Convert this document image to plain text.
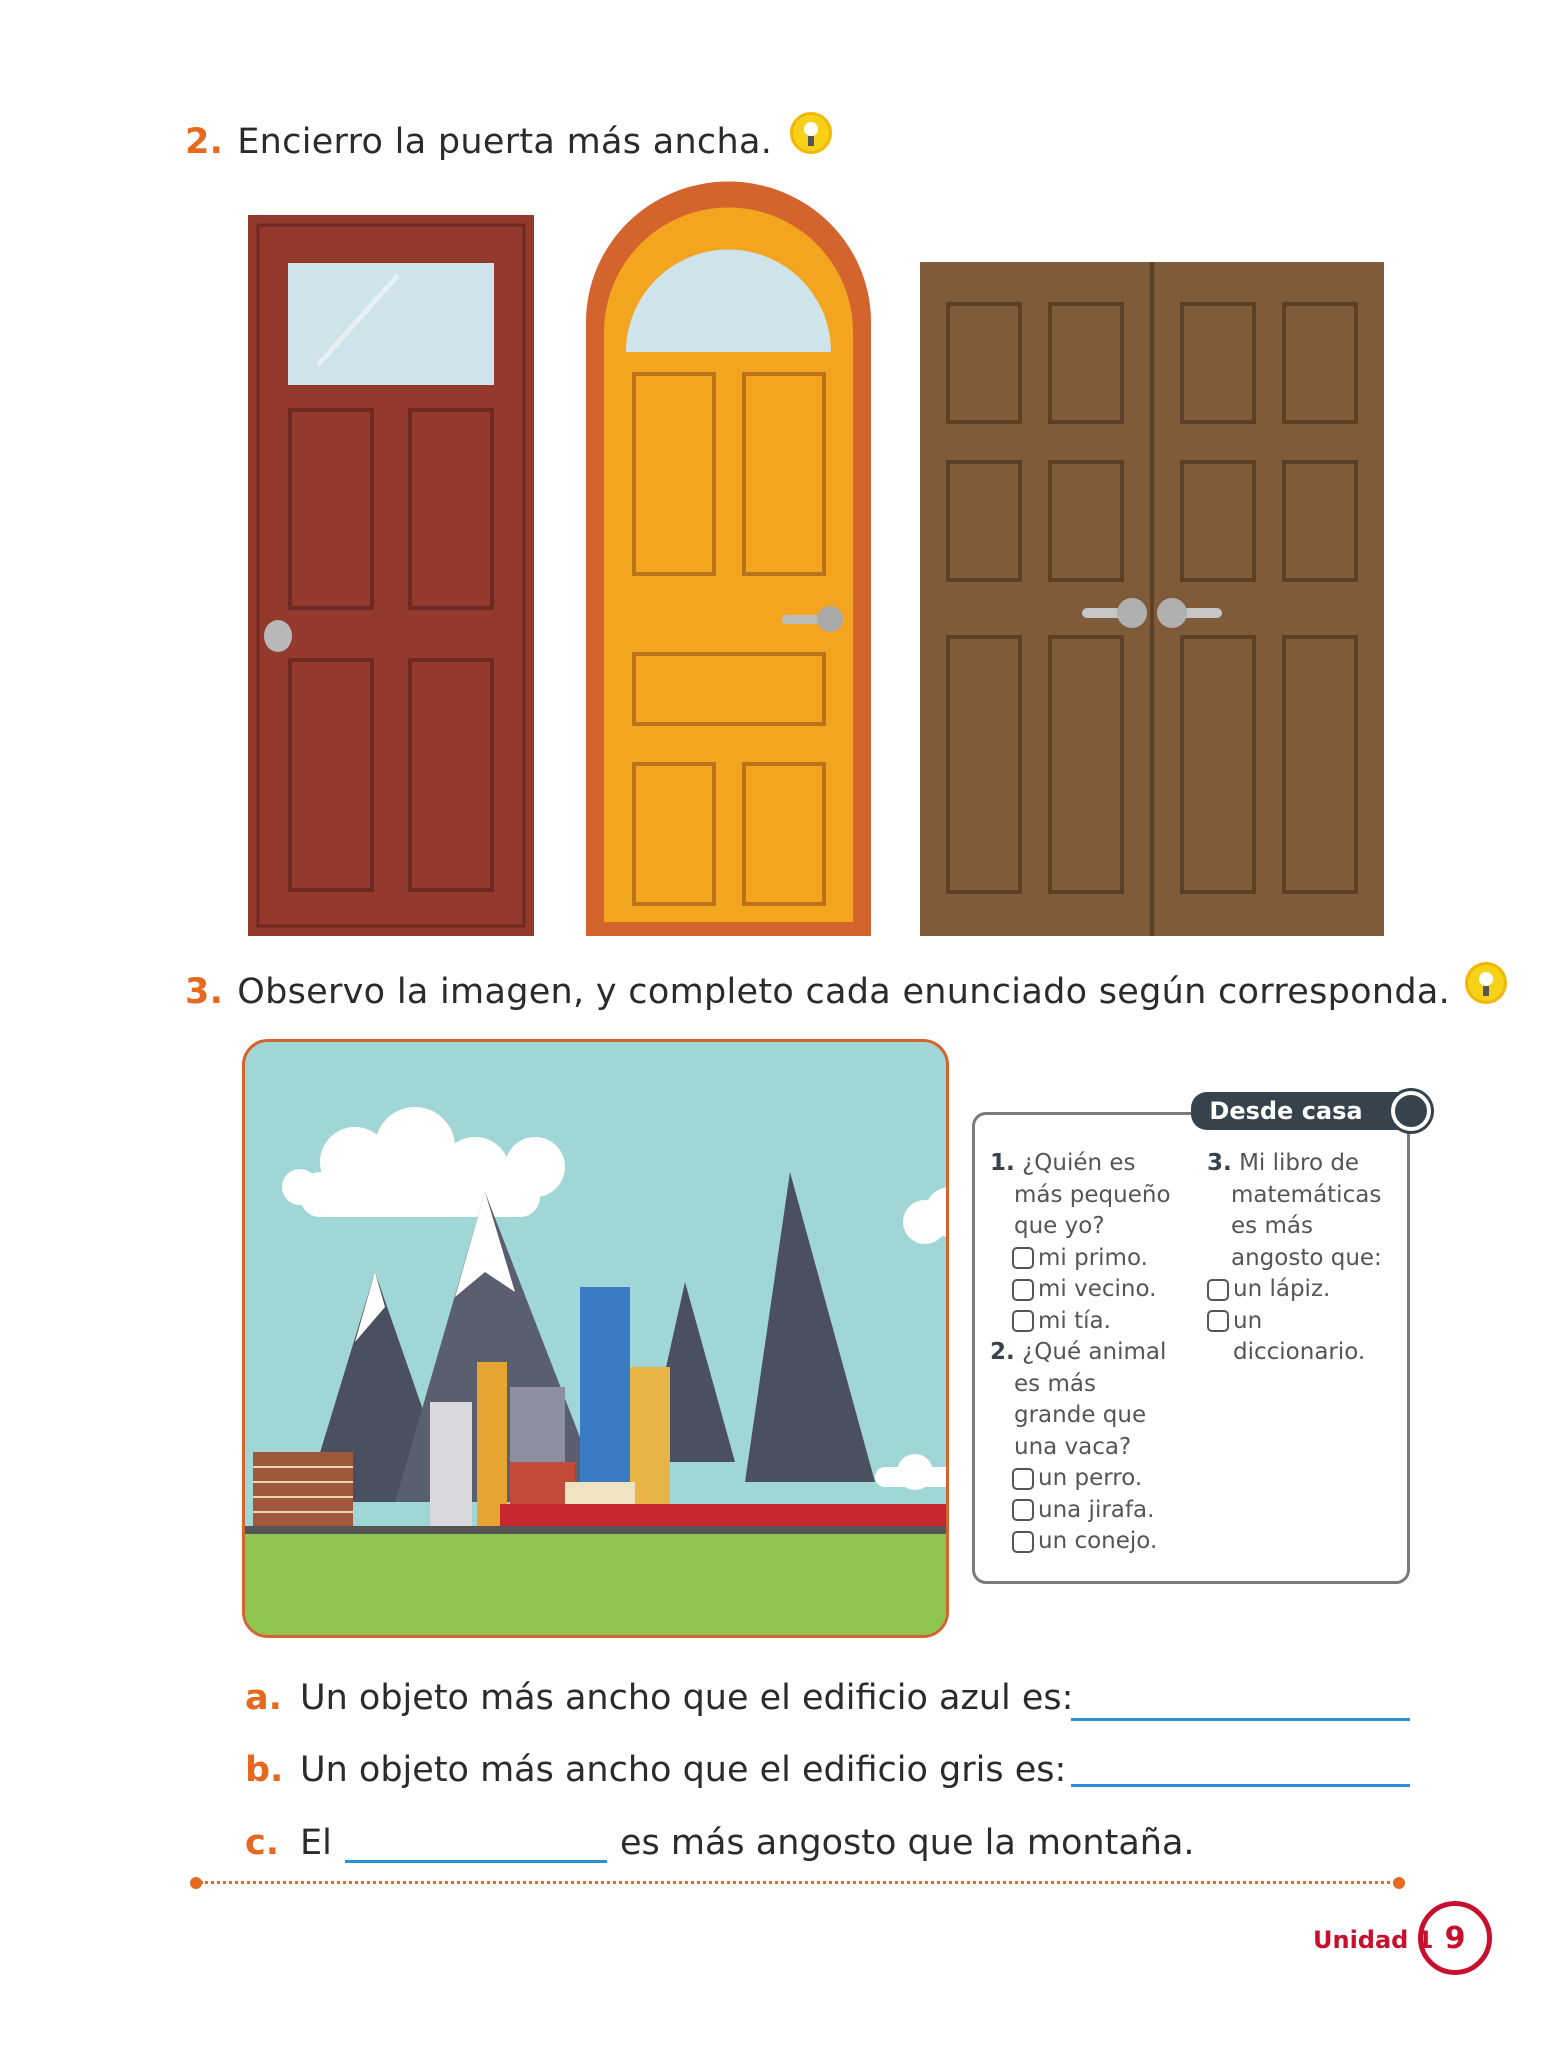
2. Encierro la puerta más ancha.
3. Observo la imagen, y completo cada enunciado según corresponda.
Desde casa
1. ¿Quién es
más pequeño
que yo?
mi primo.
mi vecino.
mi tía.
2. ¿Qué animal
es más
grande que
una vaca?
un perro.
una jirafa.
un conejo.
3. Mi libro de
matemáticas
es más
angosto que:
un lápiz.
un
diccionario.
a. Un objeto más ancho que el edificio azul es:
b. Un objeto más ancho que el edificio gris es:
c. El	es más angosto que la montaña.
Unidad 1 9
